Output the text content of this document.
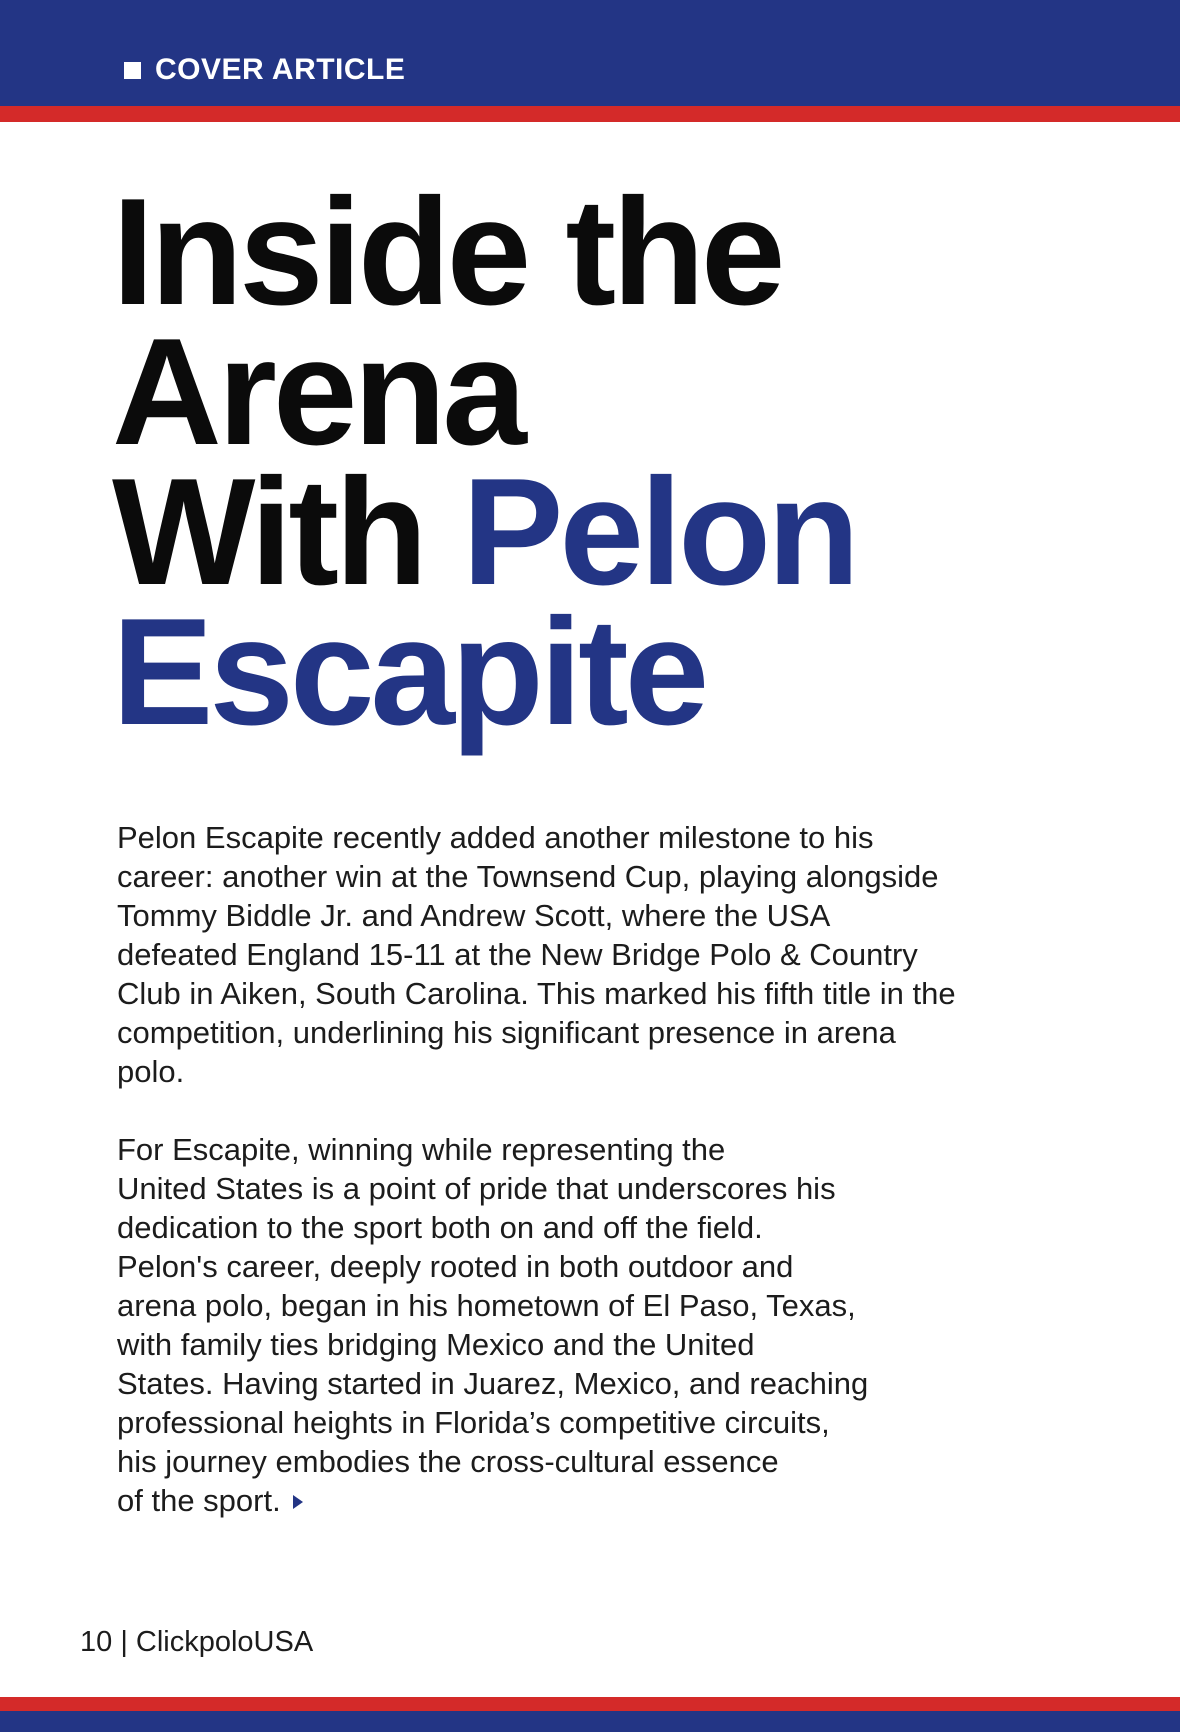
COVER ARTICLE
Inside the
Arena
With Pelon
Escapite

Pelon Escapite recently added another milestone to his career: another win at the Townsend Cup, playing alongside Tommy Biddle Jr. and Andrew Scott, where the USA defeated England 15-11 at the New Bridge Polo & Country Club in Aiken, South Carolina. This marked his fifth title in the competition, underlining his significant presence in arena polo.

For Escapite, winning while representing the
United States is a point of pride that underscores his
dedication to the sport both on and off the field.
Pelon's career, deeply rooted in both outdoor and
arena polo, began in his hometown of El Paso, Texas,
with family ties bridging Mexico and the United
States. Having started in Juarez, Mexico, and reaching
professional heights in Florida’s competitive circuits,
his journey embodies the cross-cultural essence
of the sport.

10 | ClickpoloUSA
